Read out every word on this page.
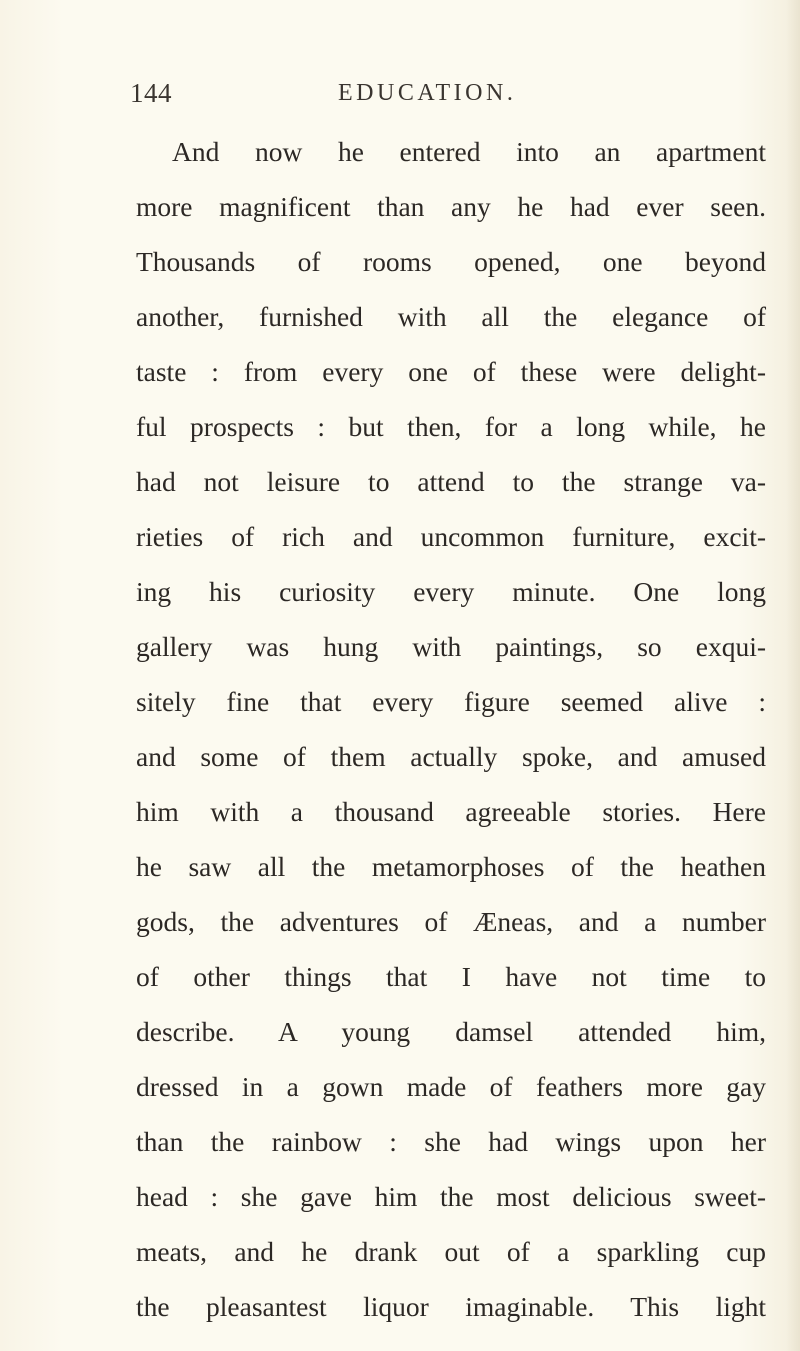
144	EDUCATION.
And now he entered into an apartment
more magnificent than any he had ever seen.
Thousands of rooms opened, one beyond
another, furnished with all the elegance of
taste : from every one of these were delight-
ful prospects : but then, for a long while, he
had not leisure to attend to the strange va-
rieties of rich and uncommon furniture, excit-
ing his curiosity every minute. One long
gallery was hung with paintings, so exqui-
sitely fine that every figure seemed alive :
and some of them actually spoke, and amused
him with a thousand agreeable stories. Here
he saw all the metamorphoses of the heathen
gods, the adventures of Æneas, and a number
of other things that I have not time to
describe. A young damsel attended him,
dressed in a gown made of feathers more gay
than the rainbow : she had wings upon her
head : she gave him the most delicious sweet-
meats, and he drank out of a sparkling cup
the pleasantest liquor imaginable. This light
